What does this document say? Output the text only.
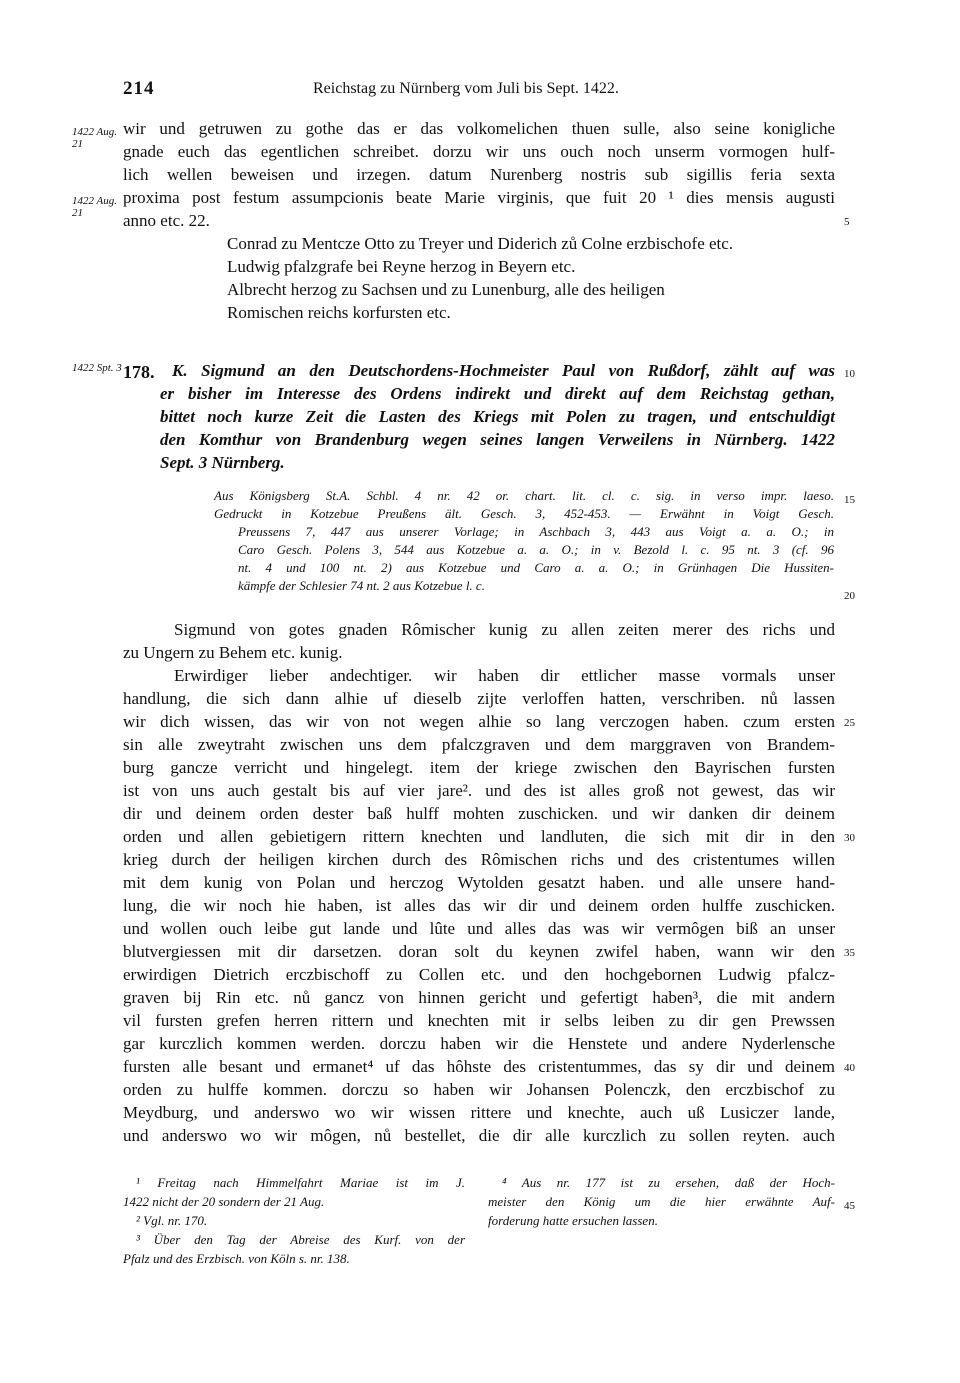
214	Reichstag zu Nürnberg vom Juli bis Sept. 1422.
1422 Aug. 21
1422 Aug. 21
wir und getruwen zu gothe das er das volkomelichen thuen sulle, also seine konigliche
gnade euch das egentlichen schreibet. dorzu wir uns ouch noch unserm vormogen hulf-
lich wellen beweisen und irzegen. datum Nurenberg nostris sub sigillis feria sexta
proxima post festum assumpcionis beate Marie virginis, que fuit 20 ¹ dies mensis augusti
anno etc. 22.
Conrad zu Mentcze Otto zu Treyer und Diderich zů Colne erzbischofe etc.
Ludwig pfalzgrafe bei Reyne herzog in Beyern etc.
Albrecht herzog zu Sachsen und zu Lunenburg, alle des heiligen
Romischen reichs korfursten etc.
1422 Spt. 3 178. K. Sigmund an den Deutschordens-Hochmeister Paul von Rußdorf, zählt auf was
er bisher im Interesse des Ordens indirekt und direkt auf dem Reichstag gethan,
bittet noch kurze Zeit die Lasten des Kriegs mit Polen zu tragen, und entschuldigt
den Komthur von Brandenburg wegen seines langen Verweilens in Nürnberg. 1422
Sept. 3 Nürnberg.
Aus Königsberg St.A. Schbl. 4 nr. 42 or. chart. lit. cl. c. sig. in verso impr. laeso.
Gedruckt in Kotzebue Preußens ält. Gesch. 3, 452-453. — Erwähnt in Voigt Gesch.
Preussens 7, 447 aus unserer Vorlage; in Aschbach 3, 443 aus Voigt a. a. O.; in
Caro Gesch. Polens 3, 544 aus Kotzebue a. a. O.; in v. Bezold l. c. 95 nt. 3 (cf. 96
nt. 4 und 100 nt. 2) aus Kotzebue und Caro a. a. O.; in Grünhagen Die Hussiten-
kämpfe der Schlesier 74 nt. 2 aus Kotzebue l. c.
Sigmund von gotes gnaden Rômischer kunig zu allen zeiten merer des richs und
zu Ungern zu Behem etc. kunig.
Erwirdiger lieber andechtiger. wir haben dir ettlicher masse vormals unser
handlung, die sich dann alhie uf dieselb zijte verloffen hatten, verschriben. nů lassen
wir dich wissen, das wir von not wegen alhie so lang verczogen haben. czum ersten
sin alle zweytraht zwischen uns dem pfalczgraven und dem marggraven von Brandem-
burg gancze verricht und hingelegt. item der kriege zwischen den Bayrischen fursten
ist von uns auch gestalt bis auf vier jare². und des ist alles groß not gewest, das wir
dir und deinem orden dester baß hulff mohten zuschicken. und wir danken dir deinem
orden und allen gebietigern rittern knechten und landluten, die sich mit dir in den
krieg durch der heiligen kirchen durch des Rômischen richs und des cristentumes willen
mit dem kunig von Polan und herczog Wytolden gesatzt haben. und alle unsere hand-
lung, die wir noch hie haben, ist alles das wir dir und deinem orden hulffe zuschicken.
und wollen ouch leibe gut lande und lûte und alles das was wir vermôgen biß an unser
blutvergiessen mit dir darsetzen. doran solt du keynen zwifel haben, wann wir den
erwirdigen Dietrich erczbischoff zu Collen etc. und den hochgebornen Ludwig pfalcz-
graven bij Rin etc. nů gancz von hinnen gericht und gefertigt haben³, die mit andern
vil fursten grefen herren rittern und knechten mit ir selbs leiben zu dir gen Prewssen
gar kurczlich kommen werden. dorczu haben wir die Henstete und andere Nyderlensche
fursten alle besant und ermanet⁴ uf das hôhste des cristentummes, das sy dir und deinem
orden zu hulffe kommen. dorczu so haben wir Johansen Polenczk, den erczbischof zu
Meydburg, und anderswo wo wir wissen rittere und knechte, auch uß Lusiczer lande,
und anderswo wo wir môgen, nů bestellet, die dir alle kurczlich zu sollen reyten. auch
5
10
15
20
25
30
35
40
45
¹ Freitag nach Himmelfahrt Mariae ist im J.
1422 nicht der 20 sondern der 21 Aug.
² Vgl. nr. 170.
³ Über den Tag der Abreise des Kurf. von der
Pfalz und des Erzbisch. von Köln s. nr. 138.
⁴ Aus nr. 177 ist zu ersehen, daß der Hoch-
meister den König um die hier erwähnte Auf-
forderung hatte ersuchen lassen.
